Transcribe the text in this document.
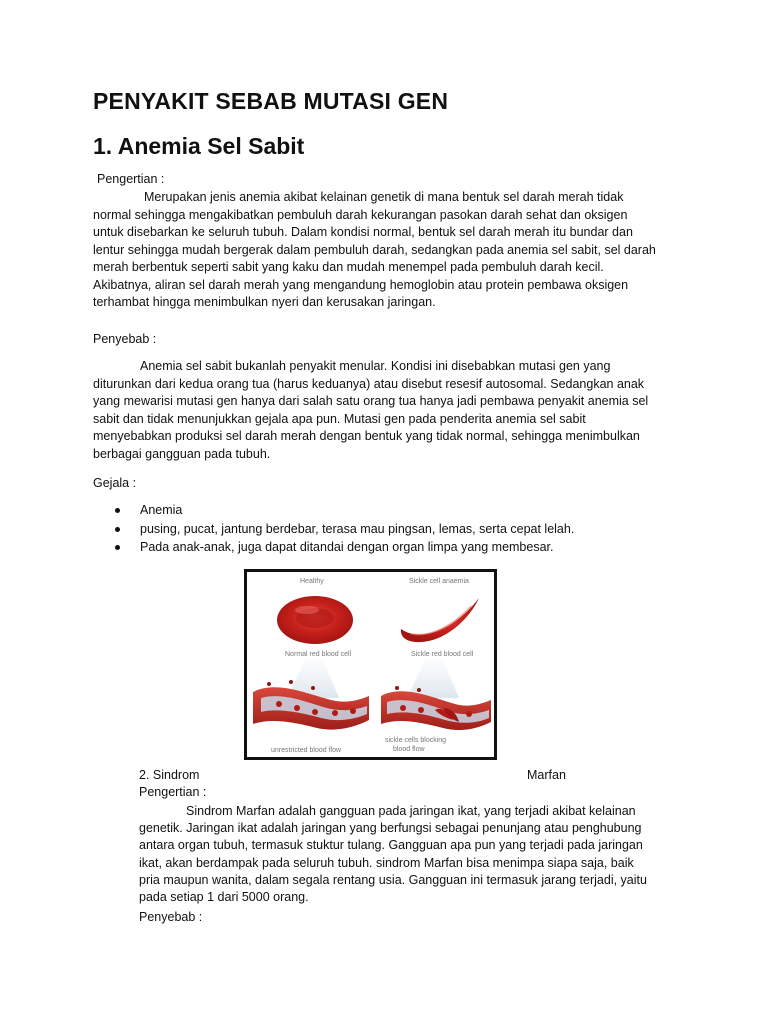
PENYAKIT SEBAB MUTASI GEN
1. Anemia Sel Sabit
Pengertian :
Merupakan jenis anemia akibat kelainan genetik di mana bentuk sel darah merah tidak
normal sehingga mengakibatkan pembuluh darah kekurangan pasokan darah sehat dan oksigen
untuk disebarkan ke seluruh tubuh. Dalam kondisi normal, bentuk sel darah merah itu bundar dan
lentur sehingga mudah bergerak dalam pembuluh darah, sedangkan pada anemia sel sabit, sel darah
merah berbentuk seperti sabit yang kaku dan mudah menempel pada pembuluh darah kecil.
Akibatnya, aliran sel darah merah yang mengandung hemoglobin atau protein pembawa oksigen
terhambat hingga menimbulkan nyeri dan kerusakan jaringan.
Penyebab :
Anemia sel sabit bukanlah penyakit menular. Kondisi ini disebabkan mutasi gen yang
diturunkan dari kedua orang tua (harus keduanya) atau disebut resesif autosomal. Sedangkan anak
yang mewarisi mutasi gen hanya dari salah satu orang tua hanya jadi pembawa penyakit anemia sel
sabit dan tidak menunjukkan gejala apa pun. Mutasi gen pada penderita anemia sel sabit
menyebabkan produksi sel darah merah dengan bentuk yang tidak normal, sehingga menimbulkan
berbagai gangguan pada tubuh.
Gejala :
Anemia
pusing, pucat, jantung berdebar, terasa mau pingsan, lemas, serta cepat lelah.
Pada anak-anak, juga dapat ditandai dengan organ limpa yang membesar.
Healthy	Sickle cell anaemia
Normal red blood cell	Sickle red blood cell
unrestricted blood flow
sickle cells blocking
blood flow
2. Sindrom	Marfan
Pengertian :
Sindrom Marfan adalah gangguan pada jaringan ikat, yang terjadi akibat kelainan
genetik. Jaringan ikat adalah jaringan yang berfungsi sebagai penunjang atau penghubung
antara organ tubuh, termasuk stuktur tulang. Gangguan apa pun yang terjadi pada jaringan
ikat, akan berdampak pada seluruh tubuh. sindrom Marfan bisa menimpa siapa saja, baik
pria maupun wanita, dalam segala rentang usia. Gangguan ini termasuk jarang terjadi, yaitu
pada setiap 1 dari 5000 orang.
Penyebab :
